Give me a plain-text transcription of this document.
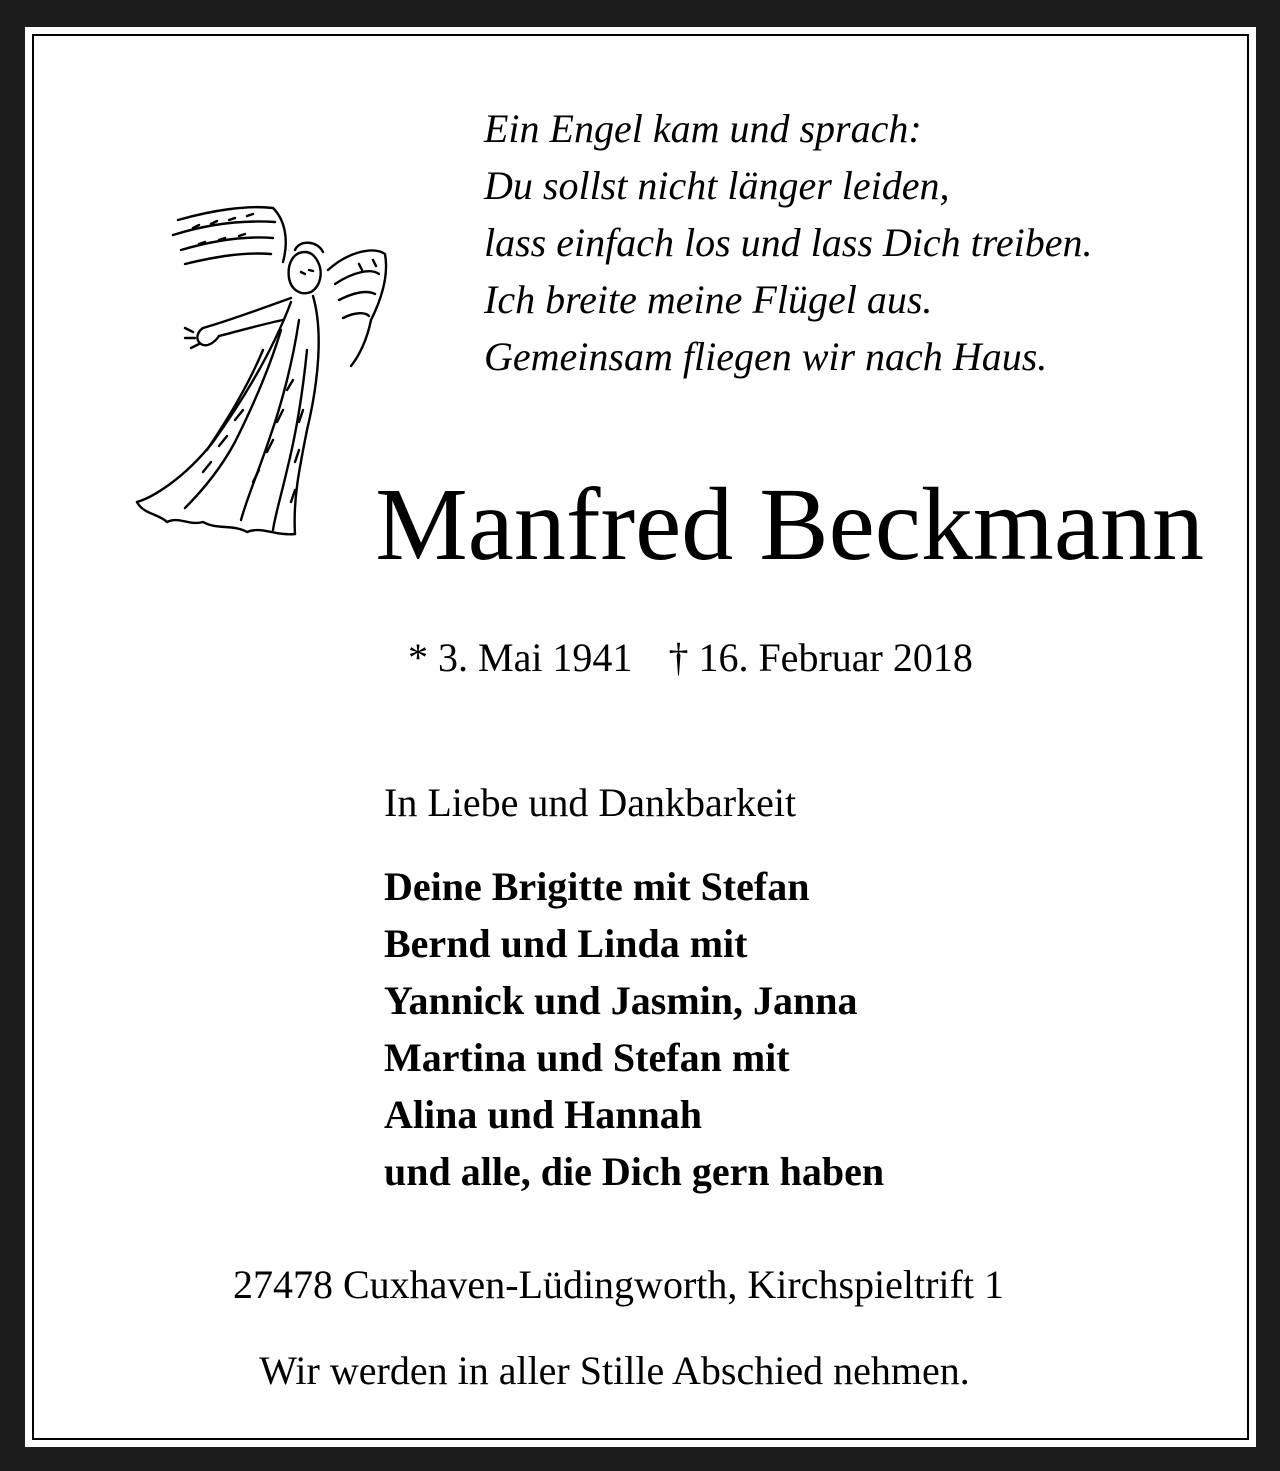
Ein Engel kam und sprach:
Du sollst nicht länger leiden,
lass einfach los und lass Dich treiben.
Ich breite meine Flügel aus.
Gemeinsam fliegen wir nach Haus.
Manfred Beckmann
* 3. Mai 1941 † 16. Februar 2018
In Liebe und Dankbarkeit
Deine Brigitte mit Stefan
Bernd und Linda mit
Yannick und Jasmin, Janna
Martina und Stefan mit
Alina und Hannah
und alle, die Dich gern haben
27478 Cuxhaven-Lüdingworth, Kirchspieltrift 1
Wir werden in aller Stille Abschied nehmen.
